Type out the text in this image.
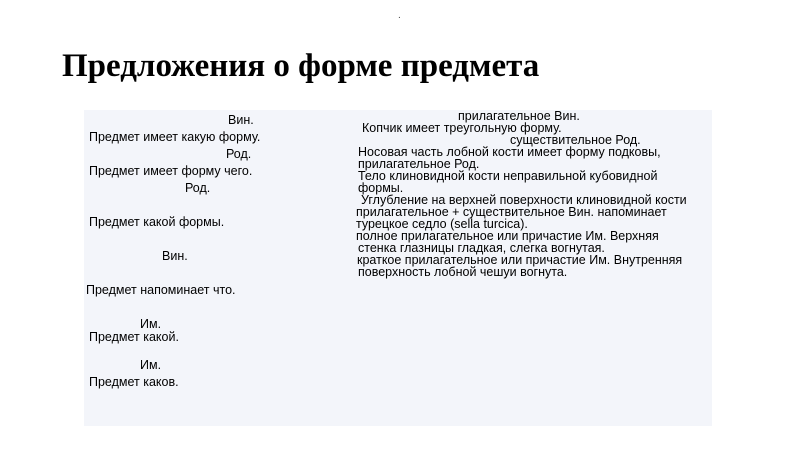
.
Предложения о форме предмета
Вин.
Предмет имеет какую форму.
Род.
Предмет имеет форму чего.
Род.
Предмет какой формы.
Вин.
Предмет напоминает что.
Им.
Предмет какой.
Им.
Предмет каков.
прилагательное Вин.
Копчик имеет треугольную форму.
существительное Род.
Носовая часть лобной кости имеет форму подковы,
прилагательное Род.
Тело клиновидной кости неправильной кубовидной
формы.
Углубление на верхней поверхности клиновидной кости
прилагательное + существительное Вин. напоминает
турецкое седло (sella turcica).
полное прилагательное или причастие Им. Верхняя
стенка глазницы гладкая, слегка вогнутая.
краткое прилагательное или причастие Им. Внутренняя
поверхность лобной чешуи вогнута.
